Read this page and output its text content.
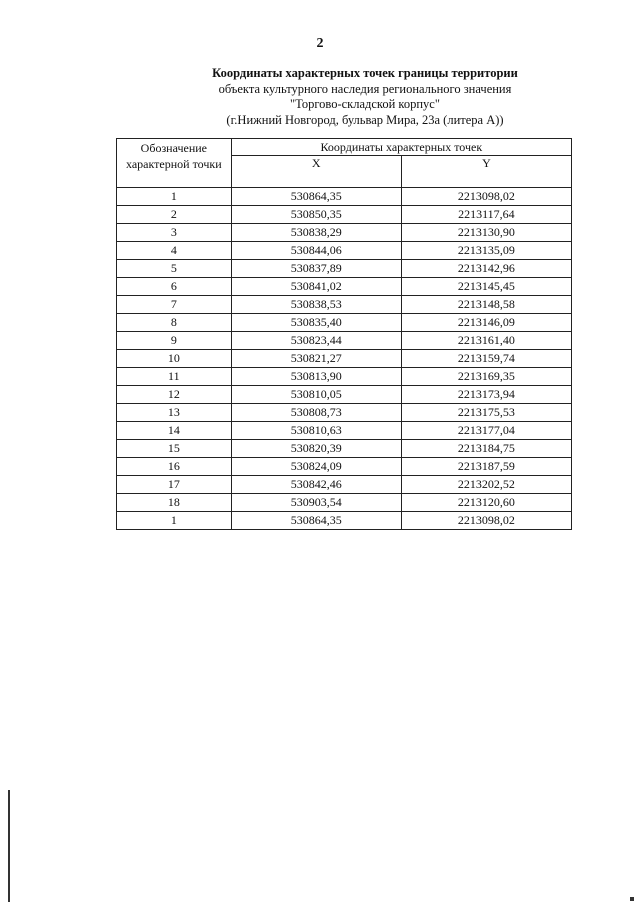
2
Координаты характерных точек границы территории
объекта культурного наследия регионального значения
"Торгово-складской корпус"
(г.Нижний Новгород, бульвар Мира, 23а (литера А))
Обозначение характерной точки	Координаты характерных точек	
	X	Y
1	530864,35	2213098,02
2	530850,35	2213117,64
3	530838,29	2213130,90
4	530844,06	2213135,09
5	530837,89	2213142,96
6	530841,02	2213145,45
7	530838,53	2213148,58
8	530835,40	2213146,09
9	530823,44	2213161,40
10	530821,27	2213159,74
11	530813,90	2213169,35
12	530810,05	2213173,94
13	530808,73	2213175,53
14	530810,63	2213177,04
15	530820,39	2213184,75
16	530824,09	2213187,59
17	530842,46	2213202,52
18	530903,54	2213120,60
1	530864,35	2213098,02
